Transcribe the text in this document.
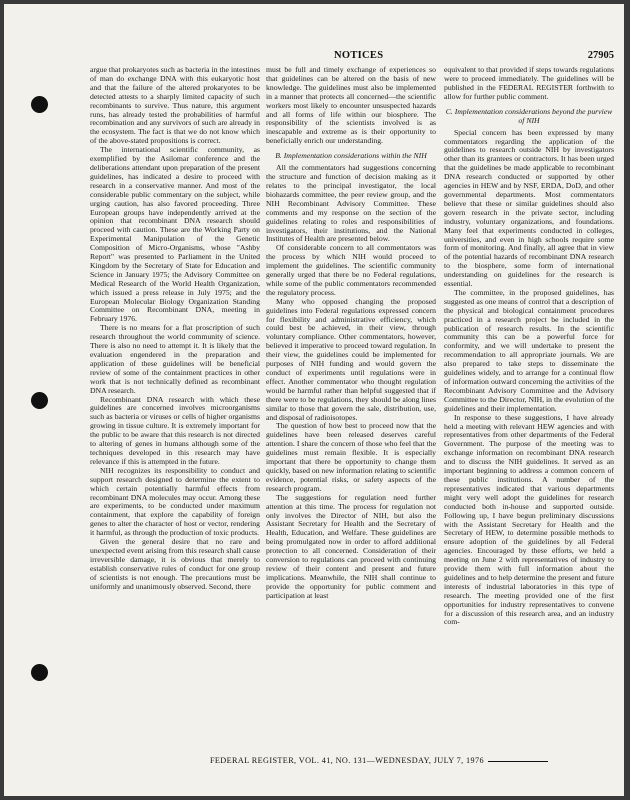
NOTICES	27905

argue that prokaryotes such as bacteria in the intestines of man do exchange DNA with this eukaryotic host and that the failure of the altered prokaryotes to be detected attests to a sharply limited capacity of such recombinants to survive. Thus nature, this argument runs, has already tested the probabilities of harmful recombination and any survivors of such are already in the ecosystem. The fact is that we do not know which of the above-stated propositions is correct.

The international scientific community, as exemplified by the Asilomar conference and the deliberations attendant upon preparation of the present guidelines, has indicated a desire to proceed with research in a conservative manner. And most of the considerable public commentary on the subject, while urging caution, has also favored proceeding. Three European groups have independently arrived at the opinion that recombinant DNA research should proceed with caution. These are the Working Party on Experimental Manipulation of the Genetic Composition of Micro-Organisms, whose "Ashby Report" was presented to Parliament in the United Kingdom by the Secretary of State for Education and Science in January 1975; the Advisory Committee on Medical Research of the World Health Organization, which issued a press release in July 1975; and the European Molecular Biology Organization Standing Committee on Recombinant DNA, meeting in February 1976.

There is no means for a flat proscription of such research throughout the world community of science. There is also no need to attempt it. It is likely that the evaluation engendered in the preparation and application of these guidelines will be beneficial review of some of the containment practices in other work that is not technically defined as recombinant DNA research.

Recombinant DNA research with which these guidelines are concerned involves microorganisms such as bacteria or viruses or cells of higher organisms growing in tissue culture. It is extremely important for the public to be aware that this research is not directed to altering of genes in humans although some of the techniques developed in this research may have relevance if this is attempted in the future.

NIH recognizes its responsibility to conduct and support research designed to determine the extent to which certain potentially harmful effects from recombinant DNA molecules may occur. Among these are experiments, to be conducted under maximum containment, that explore the capability of foreign genes to alter the character of host or vector, rendering it harmful, as through the production of toxic products.

Given the general desire that no rare and unexpected event arising from this research shall cause irreversible damage, it is obvious that merely to establish conservative rules of conduct for one group of scientists is not enough. The precautions must be uniformly and unanimously observed. Second, there

must be full and timely exchange of experiences so that guidelines can be altered on the basis of new knowledge. The guidelines must also be implemented in a manner that protects all concerned—the scientific workers most likely to encounter unsuspected hazards and all forms of life within our biosphere. The responsibility of the scientists involved is as inescapable and extreme as is their opportunity to beneficially enrich our understanding.

B. Implementation considerations within the NIH

All the commentators had suggestions concerning the structure and function of decision making as it relates to the principal investigator, the local biohazards committee, the peer review group, and the NIH Recombinant Advisory Committee. These comments and my response on the section of the guidelines relating to roles and responsibilities of investigators, their institutions, and the National Institutes of Health are presented below.

Of considerable concern to all commentators was the process by which NIH would proceed to implement the guidelines. The scientific community generally urged that there be no Federal regulations, while some of the public commentators recommended the regulatory process.

Many who opposed changing the proposed guidelines into Federal regulations expressed concern for flexibility and administrative efficiency, which could best be achieved, in their view, through voluntary compliance. Other commentators, however, believed it imperative to proceed toward regulation. In their view, the guidelines could be implemented for purposes of NIH funding and would govern the conduct of experiments until regulations were in effect. Another commentator who thought regulation would be harmful rather than helpful suggested that if there were to be regulations, they should be along lines similar to those that govern the sale, distribution, use, and disposal of radioisotopes.

The question of how best to proceed now that the guidelines have been released deserves careful attention. I share the concern of those who feel that the guidelines must remain flexible. It is especially important that there be opportunity to change them quickly, based on new information relating to scientific evidence, potential risks, or safety aspects of the research program.

The suggestions for regulation need further attention at this time. The process for regulation not only involves the Director of NIH, but also the Assistant Secretary for Health and the Secretary of Health, Education, and Welfare. These guidelines are being promulgated now in order to afford additional protection to all concerned. Consideration of their conversion to regulations can proceed with continuing review of their content and present and future implications. Meanwhile, the NIH shall continue to provide the opportunity for public comment and participation at least

equivalent to that provided if steps towards regulations were to proceed immediately. The guidelines will be published in the FEDERAL REGISTER forthwith to allow for further public comment.

C. Implementation considerations beyond the purview of NIH

Special concern has been expressed by many commentators regarding the application of the guidelines to research outside NIH by investigators other than its grantees or contractors. It has been urged that the guidelines be made applicable to recombinant DNA research conducted or supported by other agencies in HEW and by NSF, ERDA, DoD, and other governmental departments. Most commentators believe that these or similar guidelines should also govern research in the private sector, including industry, voluntary organizations, and foundations. Many feel that experiments conducted in colleges, universities, and even in high schools require some form of monitoring. And finally, all agree that in view of the potential hazards of recombinant DNA research to the biosphere, some form of international understanding on guidelines for the research is essential.

The committee, in the proposed guidelines, has suggested as one means of control that a description of the physical and biological containment procedures practiced in a research project be included in the publication of research results. In the scientific community this can be a powerful force for conformity, and we will undertake to present the recommendation to all appropriate journals. We are also prepared to take steps to disseminate the guidelines widely, and to arrange for a continual flow of information outward concerning the activities of the Recombinant Advisory Committee and the Advisory Committee to the Director, NIH, in the evolution of the guidelines and their implementation.

In response to these suggestions, I have already held a meeting with relevant HEW agencies and with representatives from other departments of the Federal Government. The purpose of the meeting was to exchange information on recombinant DNA research and to discuss the NIH guidelines. It served as an important beginning to address a common concern of these public institutions. A number of the representatives indicated that various departments might very well adopt the guidelines for research conducted both in-house and supported outside. Following up, I have begun preliminary discussions with the Assistant Secretary for Health and the Secretary of HEW, to determine possible methods to ensure adoption of the guidelines by all Federal agencies. Encouraged by these efforts, we held a meeting on June 2 with representatives of industry to provide them with full information about the guidelines and to help determine the present and future interests of industrial laboratories in this type of research. The meeting provided one of the first opportunities for industry representatives to convene for a discussion of this research area, and an industry com-

FEDERAL REGISTER, VOL. 41, NO. 131—WEDNESDAY, JULY 7, 1976
